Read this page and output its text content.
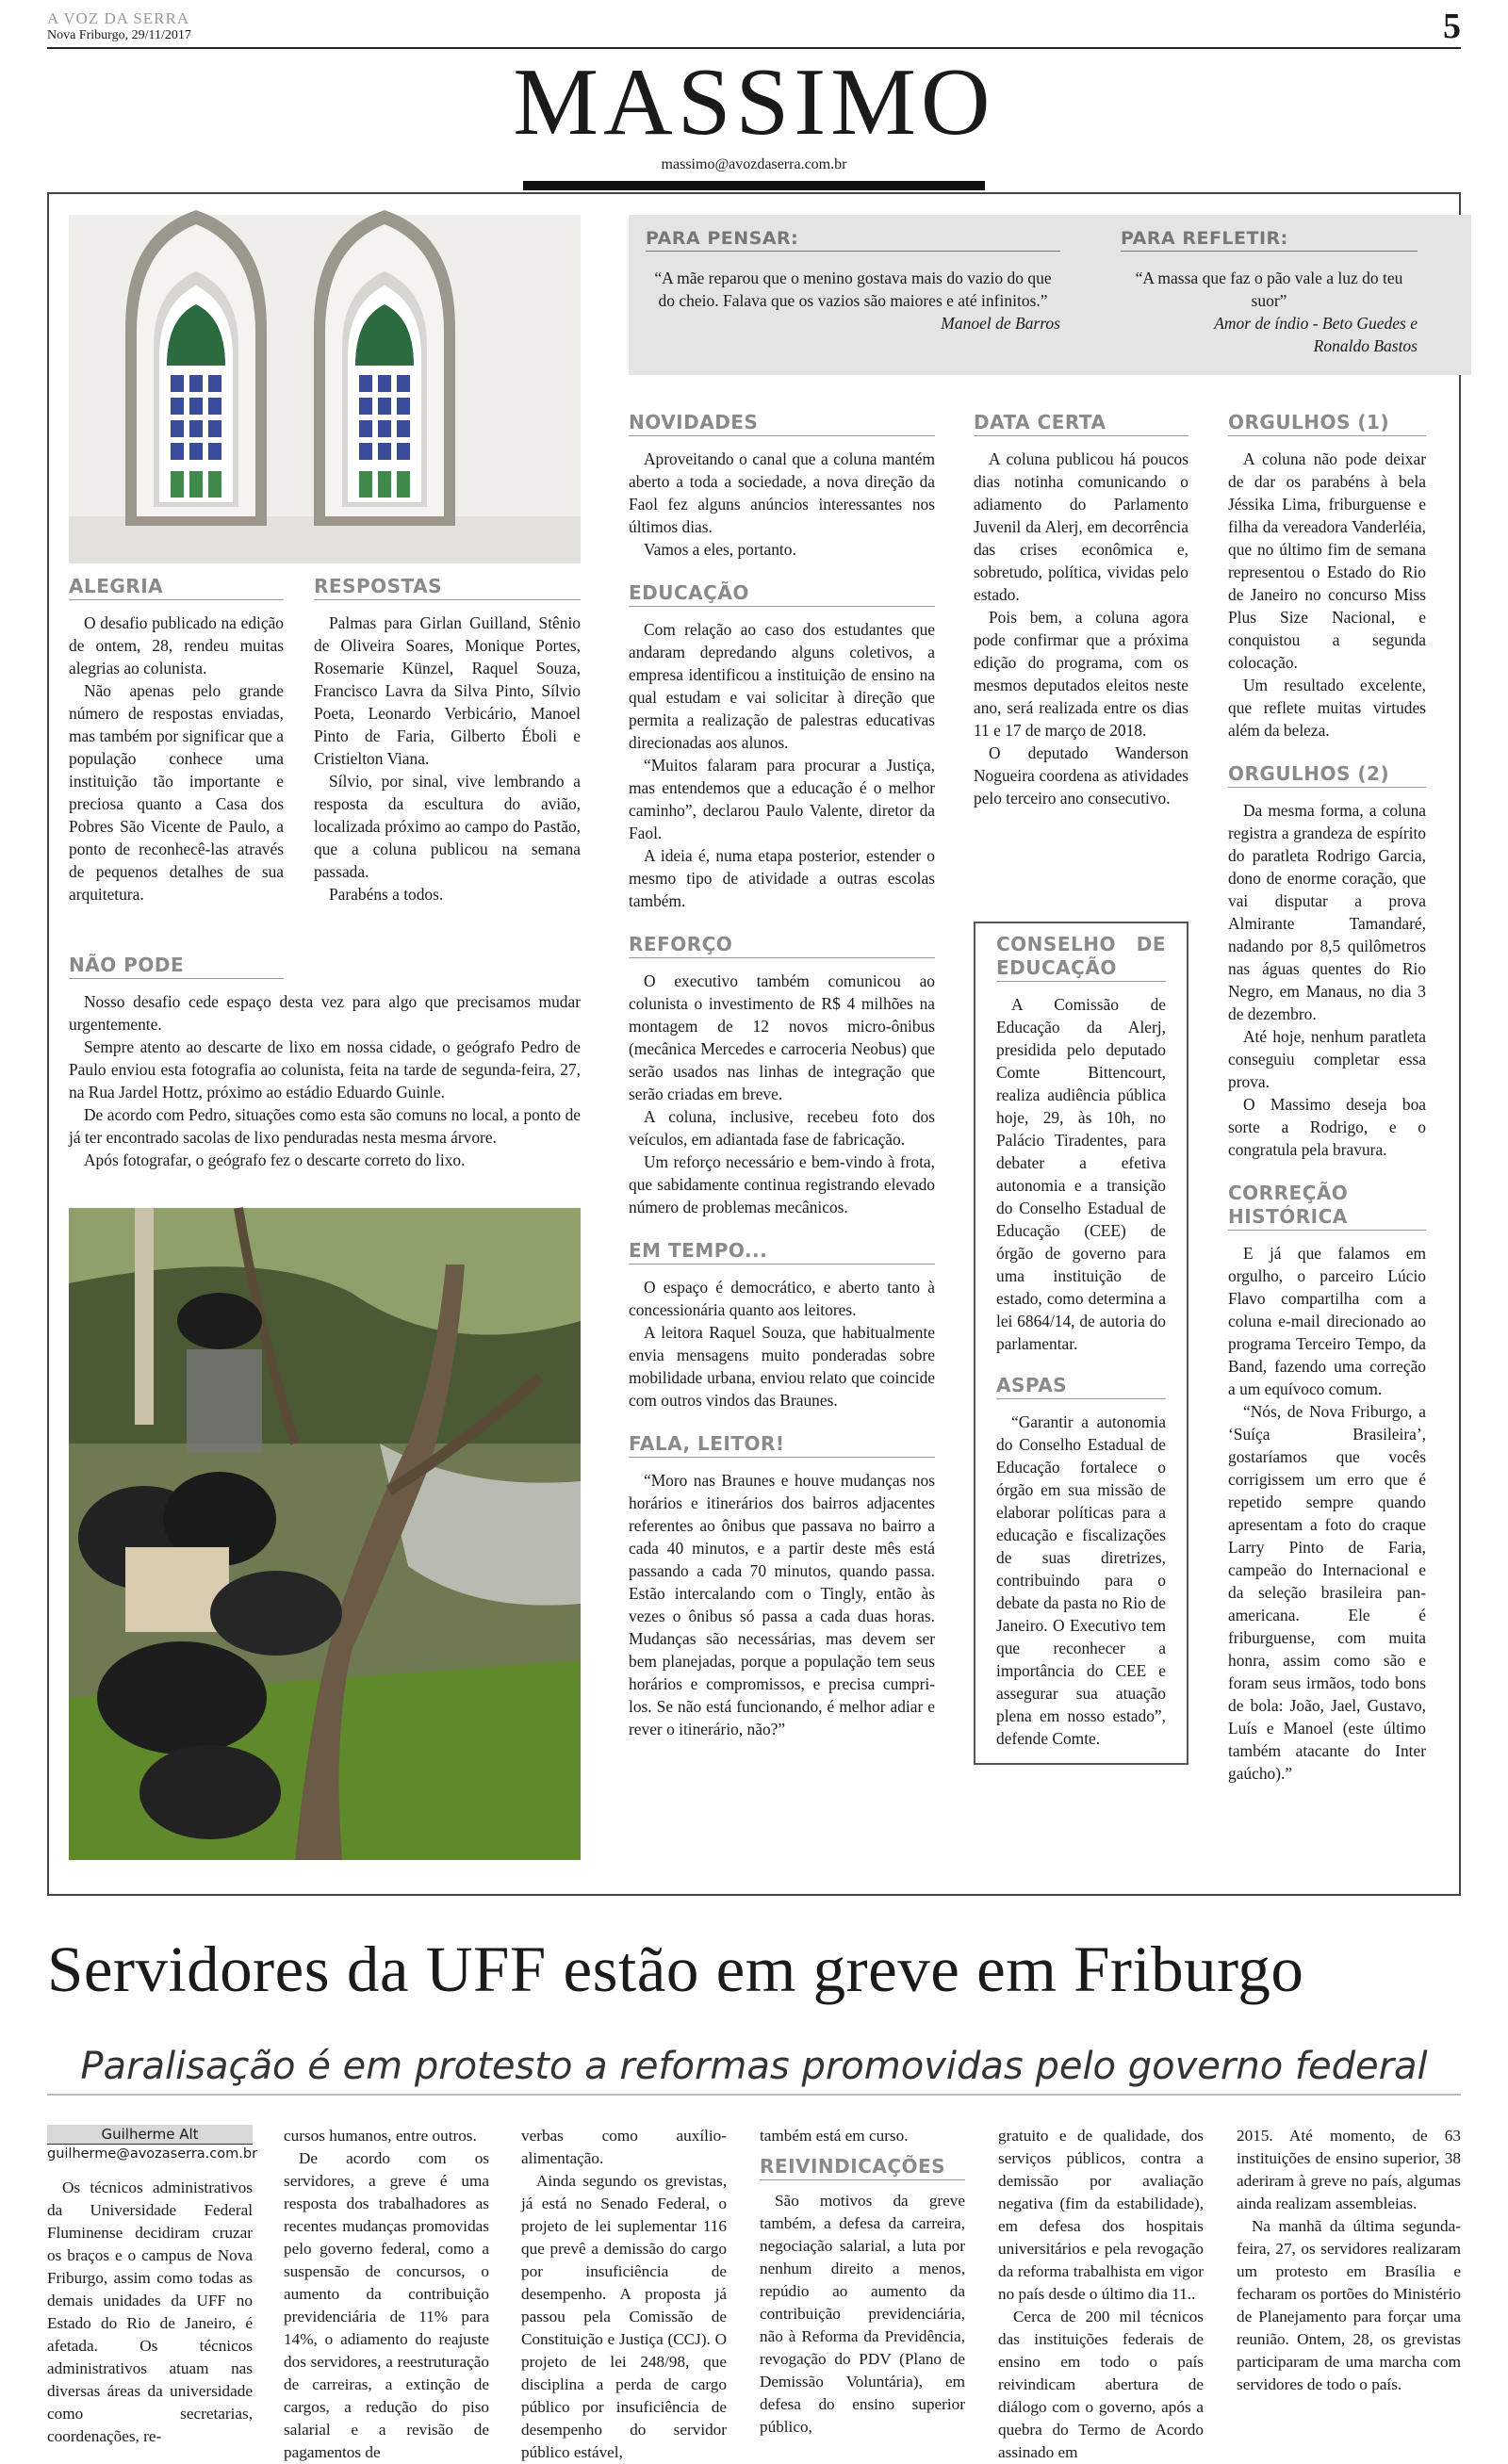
A VOZ DA SERRA
Nova Friburgo, 29/11/2017	5
MASSIMO
massimo@avozdaserra.com.br
PARA PENSAR:
“A mãe reparou que o menino gostava mais do vazio do que do cheio. Falava que os vazios são maiores e até infinitos.”
Manoel de Barros
PARA REFLETIR:
“A massa que faz o pão vale a luz do teu suor”
Amor de índio - Beto Guedes e
Ronaldo Bastos
ALEGRIA

O desafio publicado na edição de ontem, 28, rendeu muitas alegrias ao colunista.

Não apenas pelo grande número de respostas enviadas, mas também por significar que a população conhece uma instituição tão importante e preciosa quanto a Casa dos Pobres São Vicente de Paulo, a ponto de reconhecê-las através de pequenos detalhes de sua arquitetura.

RESPOSTAS

Palmas para Girlan Guilland, Stênio de Oliveira Soares, Monique Portes, Rosemarie Künzel, Raquel Souza, Francisco Lavra da Silva Pinto, Sílvio Poeta, Leonardo Verbicário, Manoel Pinto de Faria, Gilberto Éboli e Cristielton Viana.

Sílvio, por sinal, vive lembrando a resposta da escultura do avião, localizada próximo ao campo do Pastão, que a coluna publicou na semana passada.

Parabéns a todos.

NÃO PODE

Nosso desafio cede espaço desta vez para algo que precisamos mudar urgentemente.

Sempre atento ao descarte de lixo em nossa cidade, o geógrafo Pedro de Paulo enviou esta fotografia ao colunista, feita na tarde de segunda-feira, 27, na Rua Jardel Hottz, próximo ao estádio Eduardo Guinle.

De acordo com Pedro, situações como esta são comuns no local, a ponto de já ter encontrado sacolas de lixo penduradas nesta mesma árvore.

Após fotografar, o geógrafo fez o descarte correto do lixo.

NOVIDADES

Aproveitando o canal que a coluna mantém aberto a toda a sociedade, a nova direção da Faol fez alguns anúncios interessantes nos últimos dias.

Vamos a eles, portanto.

EDUCAÇÃO

Com relação ao caso dos estudantes que andaram depredando alguns coletivos, a empresa identificou a instituição de ensino na qual estudam e vai solicitar à direção que permita a realização de palestras educativas direcionadas aos alunos.

“Muitos falaram para procurar a Justiça, mas entendemos que a educação é o melhor caminho”, declarou Paulo Valente, diretor da Faol.

A ideia é, numa etapa posterior, estender o mesmo tipo de atividade a outras escolas também.

REFORÇO

O executivo também comunicou ao colunista o investimento de R$ 4 milhões na montagem de 12 novos micro-ônibus (mecânica Mercedes e carroceria Neobus) que serão usados nas linhas de integração que serão criadas em breve.

A coluna, inclusive, recebeu foto dos veículos, em adiantada fase de fabricação.

Um reforço necessário e bem-vindo à frota, que sabidamente continua registrando elevado número de problemas mecânicos.

EM TEMPO...

O espaço é democrático, e aberto tanto à concessionária quanto aos leitores.

A leitora Raquel Souza, que habitualmente envia mensagens muito ponderadas sobre mobilidade urbana, enviou relato que coincide com outros vindos das Braunes.

FALA, LEITOR!

“Moro nas Braunes e houve mudanças nos horários e itinerários dos bairros adjacentes referentes ao ônibus que passava no bairro a cada 40 minutos, e a partir deste mês está passando a cada 70 minutos, quando passa. Estão intercalando com o Tingly, então às vezes o ônibus só passa a cada duas horas. Mudanças são necessárias, mas devem ser bem planejadas, porque a população tem seus horários e compromissos, e precisa cumpri-los. Se não está funcionando, é melhor adiar e rever o itinerário, não?”

DATA CERTA

A coluna publicou há poucos dias notinha comunicando o adiamento do Parlamento Juvenil da Alerj, em decorrência das crises econômica e, sobretudo, política, vividas pelo estado.

Pois bem, a coluna agora pode confirmar que a próxima edição do programa, com os mesmos deputados eleitos neste ano, será realizada entre os dias 11 e 17 de março de 2018.

O deputado Wanderson Nogueira coordena as atividades pelo terceiro ano consecutivo.

CONSELHO DE EDUCAÇÃO

A Comissão de Educação da Alerj, presidida pelo deputado Comte Bittencourt, realiza audiência pública hoje, 29, às 10h, no Palácio Tiradentes, para debater a efetiva autonomia e a transição do Conselho Estadual de Educação (CEE) de órgão de governo para uma instituição de estado, como determina a lei 6864/14, de autoria do parlamentar.

ASPAS

“Garantir a autonomia do Conselho Estadual de Educação fortalece o órgão em sua missão de elaborar políticas para a educação e fiscalizações de suas diretrizes, contribuindo para o debate da pasta no Rio de Janeiro. O Executivo tem que reconhecer a importância do CEE e assegurar sua atuação plena em nosso estado”, defende Comte.

ORGULHOS (1)

A coluna não pode deixar de dar os parabéns à bela Jéssika Lima, friburguense e filha da vereadora Vanderléia, que no último fim de semana representou o Estado do Rio de Janeiro no concurso Miss Plus Size Nacional, e conquistou a segunda colocação.

Um resultado excelente, que reflete muitas virtudes além da beleza.

ORGULHOS (2)

Da mesma forma, a coluna registra a grandeza de espírito do paratleta Rodrigo Garcia, dono de enorme coração, que vai disputar a prova Almirante Tamandaré, nadando por 8,5 quilômetros nas águas quentes do Rio Negro, em Manaus, no dia 3 de dezembro.

Até hoje, nenhum paratleta conseguiu completar essa prova.

O Massimo deseja boa sorte a Rodrigo, e o congratula pela bravura.

CORREÇÃO HISTÓRICA

E já que falamos em orgulho, o parceiro Lúcio Flavo compartilha com a coluna e-mail direcionado ao programa Terceiro Tempo, da Band, fazendo uma correção a um equívoco comum.

“Nós, de Nova Friburgo, a ‘Suíça Brasileira’, gostaríamos que vocês corrigissem um erro que é repetido sempre quando apresentam a foto do craque Larry Pinto de Faria, campeão do Internacional e da seleção brasileira pan-americana. Ele é friburguense, com muita honra, assim como são e foram seus irmãos, todo bons de bola: João, Jael, Gustavo, Luís e Manoel (este último também atacante do Inter gaúcho).”

Servidores da UFF estão em greve em Friburgo
Paralisação é em protesto a reformas promovidas pelo governo federal
Guilherme Alt
guilherme@avozaserra.com.br

Os técnicos administrativos da Universidade Federal Fluminense decidiram cruzar os braços e o campus de Nova Friburgo, assim como todas as demais unidades da UFF no Estado do Rio de Janeiro, é afetada. Os técnicos administrativos atuam nas diversas áreas da universidade como secretarias, coordenações, re-

cursos humanos, entre outros.

De acordo com os servidores, a greve é uma resposta dos trabalhadores as recentes mudanças promovidas pelo governo federal, como a suspensão de concursos, o aumento da contribuição previdenciária de 11% para 14%, o adiamento do reajuste dos servidores, a reestruturação de carreiras, a extinção de cargos, a redução do piso salarial e a revisão de pagamentos de

verbas como auxílio-alimentação.

Ainda segundo os grevistas, já está no Senado Federal, o projeto de lei suplementar 116 que prevê a demissão do cargo por insuficiência de desempenho. A proposta já passou pela Comissão de Constituição e Justiça (CCJ). O projeto de lei 248/98, que disciplina a perda de cargo público por insuficiência de desempenho do servidor público estável,

também está em curso.
REIVINDICAÇÕES

São motivos da greve também, a defesa da carreira, negociação salarial, a luta por nenhum direito a menos, repúdio ao aumento da contribuição previdenciária, não à Reforma da Previdência, revogação do PDV (Plano de Demissão Voluntária), em defesa do ensino superior público,

gratuito e de qualidade, dos serviços públicos, contra a demissão por avaliação negativa (fim da estabilidade), em defesa dos hospitais universitários e pela revogação da reforma trabalhista em vigor no país desde o último dia 11..

Cerca de 200 mil técnicos das instituições federais de ensino em todo o país reivindicam abertura de diálogo com o governo, após a quebra do Termo de Acordo assinado em

2015. Até momento, de 63 instituições de ensino superior, 38 aderiram à greve no país, algumas ainda realizam assembleias.

Na manhã da última segunda-feira, 27, os servidores realizaram um protesto em Brasília e fecharam os portões do Ministério de Planejamento para forçar uma reunião. Ontem, 28, os grevistas participaram de uma marcha com servidores de todo o país.
